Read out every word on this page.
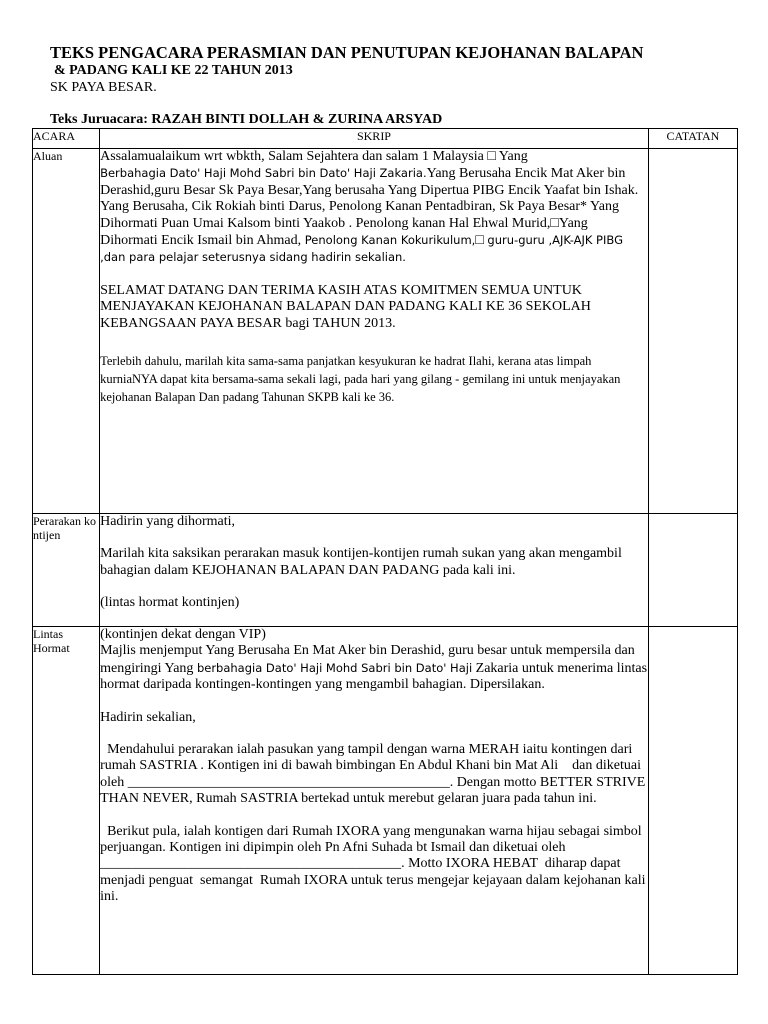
TEKS PENGACARA PERASMIAN DAN PENUTUPAN KEJOHANAN BALAPAN
& PADANG KALI KE 22 TAHUN 2013
SK PAYA BESAR.
Teks Juruacara: RAZAH BINTI DOLLAH & ZURINA ARSYAD
ACARA	SKRIP	CATATAN
Aluan	Assalamualaikum wrt wbkth, Salam Sejahtera dan salam 1 Malaysia □ Yang
Berbahagia Dato' Haji Mohd Sabri bin Dato' Haji Zakaria.Yang Berusaha Encik Mat Aker bin Derashid,guru Besar Sk Paya Besar,Yang berusaha Yang Dipertua PIBG Encik Yaafat bin Ishak. Yang Berusaha, Cik Rokiah binti Darus, Penolong Kanan Pentadbiran, Sk Paya Besar* Yang Dihormati Puan Umai Kalsom binti Yaakob . Penolong kanan Hal Ehwal Murid,□Yang Dihormati Encik Ismail bin Ahmad, Penolong Kanan Kokurikulum,□ guru-guru ,AJK-AJK PIBG ,dan para pelajar seterusnya sidang hadirin sekalian.

SELAMAT DATANG DAN TERIMA KASIH ATAS KOMITMEN SEMUA UNTUK MENJAYAKAN KEJOHANAN BALAPAN DAN PADANG KALI KE 36 SEKOLAH KEBANGSAAN PAYA BESAR bagi TAHUN 2013.

Terlebih dahulu, marilah kita sama-sama panjatkan kesyukuran ke hadrat Ilahi, kerana atas limpah kurniaNYA dapat kita bersama-sama sekali lagi, pada hari yang gilang - gemilang ini untuk menjayakan kejohanan Balapan Dan padang Tahunan SKPB kali ke 36.	

Perarakan kontijen	Hadirin yang dihormati,

Marilah kita saksikan perarakan masuk kontijen-kontijen rumah sukan yang akan mengambil bahagian dalam KEJOHANAN BALAPAN DAN PADANG pada kali ini.

(lintas hormat kontinjen)	

Lintas Hormat	(kontinjen dekat dengan VIP)

Majlis menjemput Yang Berusaha En Mat Aker bin Derashid, guru besar untuk mempersila dan mengiringi Yang berbahagia Dato' Haji Mohd Sabri bin Dato' Haji Zakaria untuk menerima lintas hormat daripada kontingen-kontingen yang mengambil bahagian. Dipersilakan.

Hadirin sekalian,

Mendahului perarakan ialah pasukan yang tampil dengan warna MERAH iaitu kontingen dari rumah SASTRIA . Kontigen ini di bawah bimbingan En Abdul Khani bin Mat Ali    dan diketuai oleh ______________________________________________. Dengan motto BETTER STRIVE THAN NEVER, Rumah SASTRIA bertekad untuk merebut gelaran juara pada tahun ini.

Berikut pula, ialah kontigen dari Rumah IXORA yang mengunakan warna hijau sebagai simbol perjuangan. Kontigen ini dipimpin oleh Pn Afni Suhada bt Ismail dan diketuai oleh ___________________________________________. Motto IXORA HEBAT  diharap dapat menjadi penguat  semangat  Rumah IXORA untuk terus mengejar kejayaan dalam kejohanan kali ini.	
